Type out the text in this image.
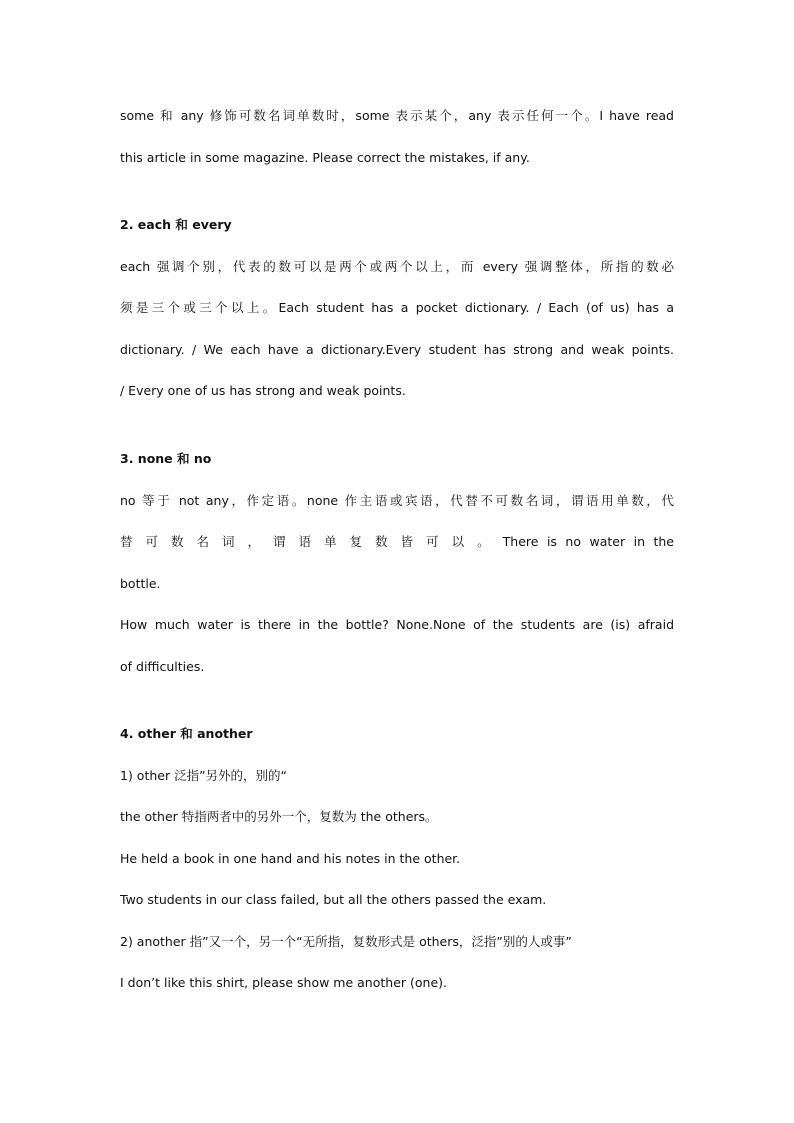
some 和 any 修饰可数名词单数时，some 表示某个，any 表示任何一个。I have read
this article in some magazine. Please correct the mistakes, if any.
2. each 和 every
each 强调个别，代表的数可以是两个或两个以上，而 every 强调整体，所指的数必
须是三个或三个以上。Each student has a pocket dictionary. / Each (of us) has a
dictionary. / We each have a dictionary.Every student has strong and weak points.
/ Every one of us has strong and weak points.
3. none 和 no
no 等于 not any，作定语。none 作主语或宾语，代替不可数名词，谓语用单数，代
替 可 数 名 词 ， 谓 语 单 复 数 皆 可 以 。 There is no water in the
bottle.
How much water is there in the bottle? None.None of the students are (is) afraid
of difficulties.
4. other 和 another
1) other 泛指”另外的，别的“
the other 特指两者中的另外一个，复数为 the others。
He held a book in one hand and his notes in the other.
Two students in our class failed, but all the others passed the exam.
2) another 指”又一个，另一个“无所指，复数形式是 others，泛指”别的人或事”
I don’t like this shirt, please show me another (one).
